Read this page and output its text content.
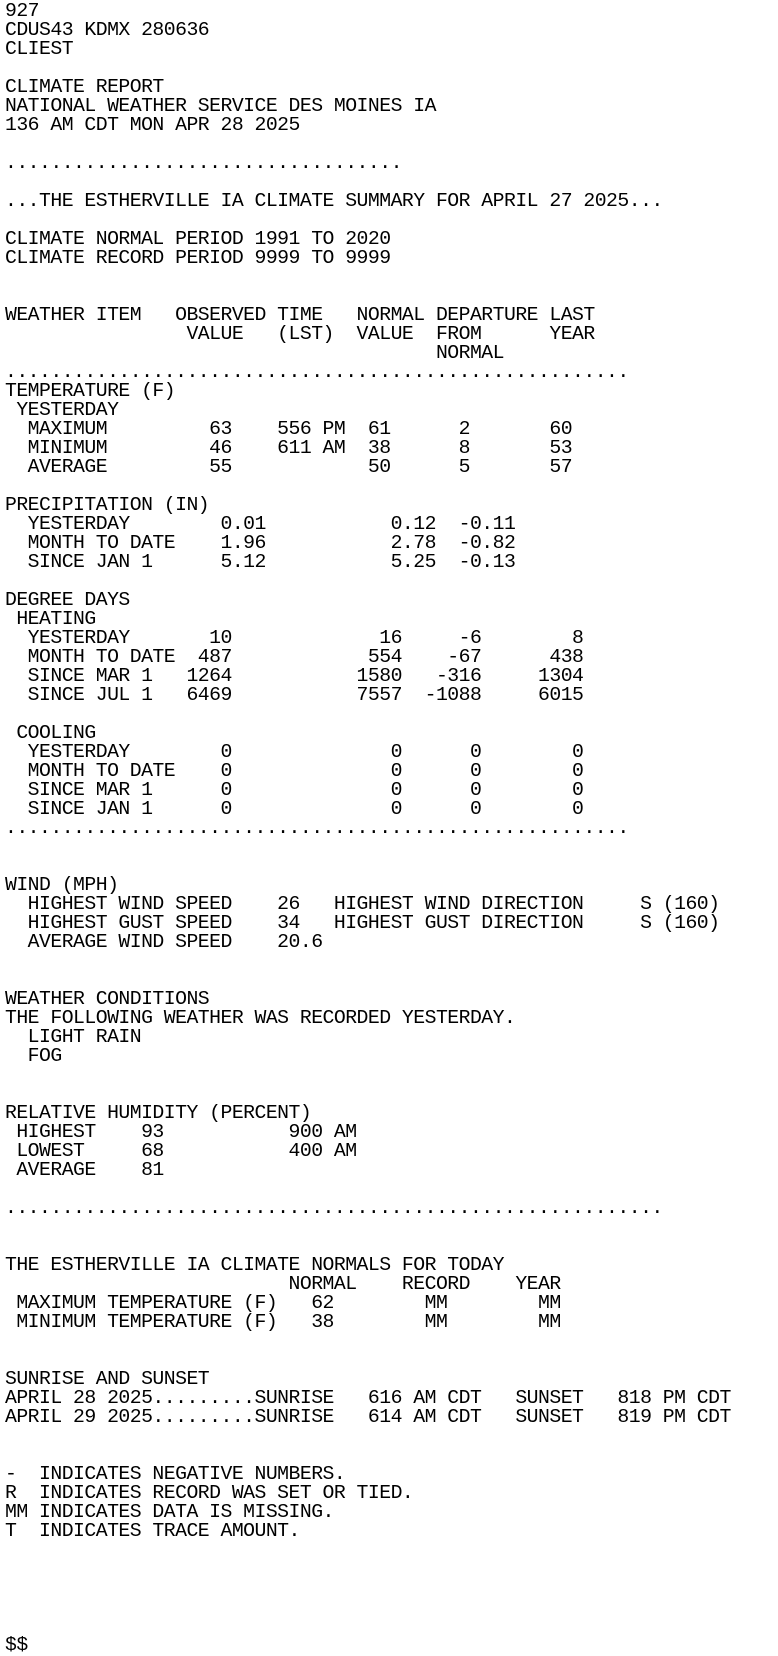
927
CDUS43 KDMX 280636
CLIEST
CLIMATE REPORT
NATIONAL WEATHER SERVICE DES MOINES IA
136 AM CDT MON APR 28 2025
...................................
...THE ESTHERVILLE IA CLIMATE SUMMARY FOR APRIL 27 2025...
CLIMATE NORMAL PERIOD 1991 TO 2020
CLIMATE RECORD PERIOD 9999 TO 9999
WEATHER ITEM   OBSERVED TIME   NORMAL DEPARTURE LAST
VALUE   (LST)  VALUE  FROM      YEAR
NORMAL
.......................................................
TEMPERATURE (F)
YESTERDAY
MAXIMUM         63    556 PM  61      2       60
MINIMUM         46    611 AM  38      8       53
AVERAGE         55            50      5       57
PRECIPITATION (IN)
YESTERDAY        0.01           0.12  -0.11
MONTH TO DATE    1.96           2.78  -0.82
SINCE JAN 1      5.12           5.25  -0.13
DEGREE DAYS
HEATING
YESTERDAY       10             16     -6        8
MONTH TO DATE  487            554    -67      438
SINCE MAR 1   1264           1580   -316     1304
SINCE JUL 1   6469           7557  -1088     6015
COOLING
YESTERDAY        0              0      0        0
MONTH TO DATE    0              0      0        0
SINCE MAR 1      0              0      0        0
SINCE JAN 1      0              0      0        0
.......................................................
WIND (MPH)
HIGHEST WIND SPEED    26   HIGHEST WIND DIRECTION     S (160)
HIGHEST GUST SPEED    34   HIGHEST GUST DIRECTION     S (160)
AVERAGE WIND SPEED    20.6
WEATHER CONDITIONS
THE FOLLOWING WEATHER WAS RECORDED YESTERDAY.
LIGHT RAIN
FOG
RELATIVE HUMIDITY (PERCENT)
HIGHEST    93           900 AM
LOWEST     68           400 AM
AVERAGE    81
..........................................................
THE ESTHERVILLE IA CLIMATE NORMALS FOR TODAY
NORMAL    RECORD    YEAR
MAXIMUM TEMPERATURE (F)   62        MM        MM
MINIMUM TEMPERATURE (F)   38        MM        MM
SUNRISE AND SUNSET
APRIL 28 2025.........SUNRISE   616 AM CDT   SUNSET   818 PM CDT
APRIL 29 2025.........SUNRISE   614 AM CDT   SUNSET   819 PM CDT
-  INDICATES NEGATIVE NUMBERS.
R  INDICATES RECORD WAS SET OR TIED.
MM INDICATES DATA IS MISSING.
T  INDICATES TRACE AMOUNT.
$$
